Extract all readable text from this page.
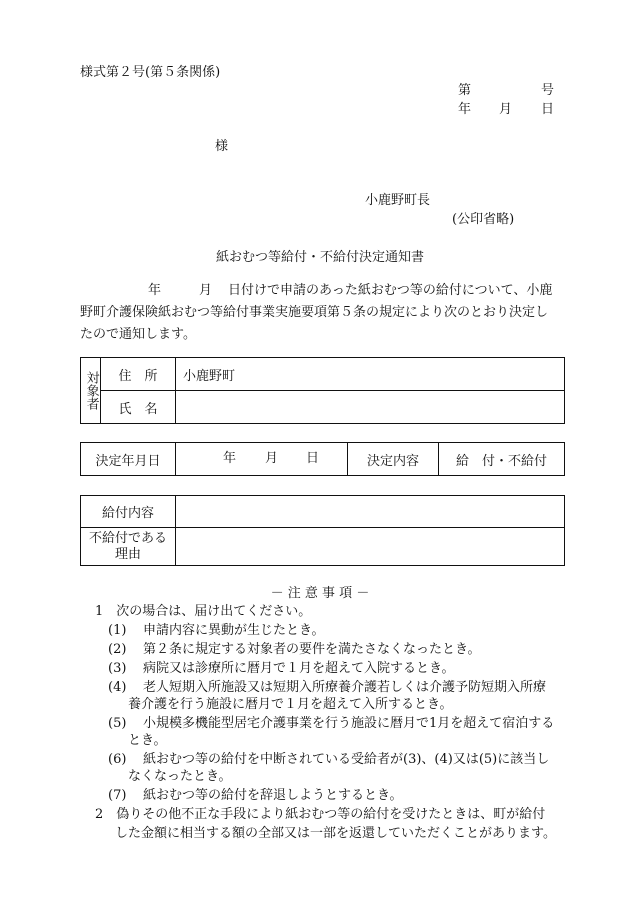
様式第２号(第５条関係)
第	号
年 月 日
様
小鹿野町長
(公印省略)
紙おむつ等給付・不給付決定通知書
年	月 日付けで申請のあった紙おむつ等の給付について、小鹿
野町介護保険紙おむつ等給付事業実施要項第５条の規定により次のとおり決定し
たので通知します。
対象者	住　所	小鹿野町
	氏　名	
決定年月日	年 月 日	決定内容	給　付・不給付
給付内容	

不給付である
理由	

－ 注 意 事 項 －
1　次の場合は、届け出てください。
(1) 申請内容に異動が生じたとき。
(2) 第２条に規定する対象者の要件を満たさなくなったとき。
(3) 病院又は診療所に暦月で１月を超えて入院するとき。
(4) 老人短期入所施設又は短期入所療養介護若しくは介護予防短期入所療
養介護を行う施設に暦月で１月を超えて入所するとき。
(5) 小規模多機能型居宅介護事業を行う施設に暦月で1月を超えて宿泊する
とき。
(6) 紙おむつ等の給付を中断されている受給者が(3)、(4)又は(5)に該当し
なくなったとき。
(7) 紙おむつ等の給付を辞退しようとするとき。
2　偽りその他不正な手段により紙おむつ等の給付を受けたときは、町が給付
した金額に相当する額の全部又は一部を返還していただくことがあります。
